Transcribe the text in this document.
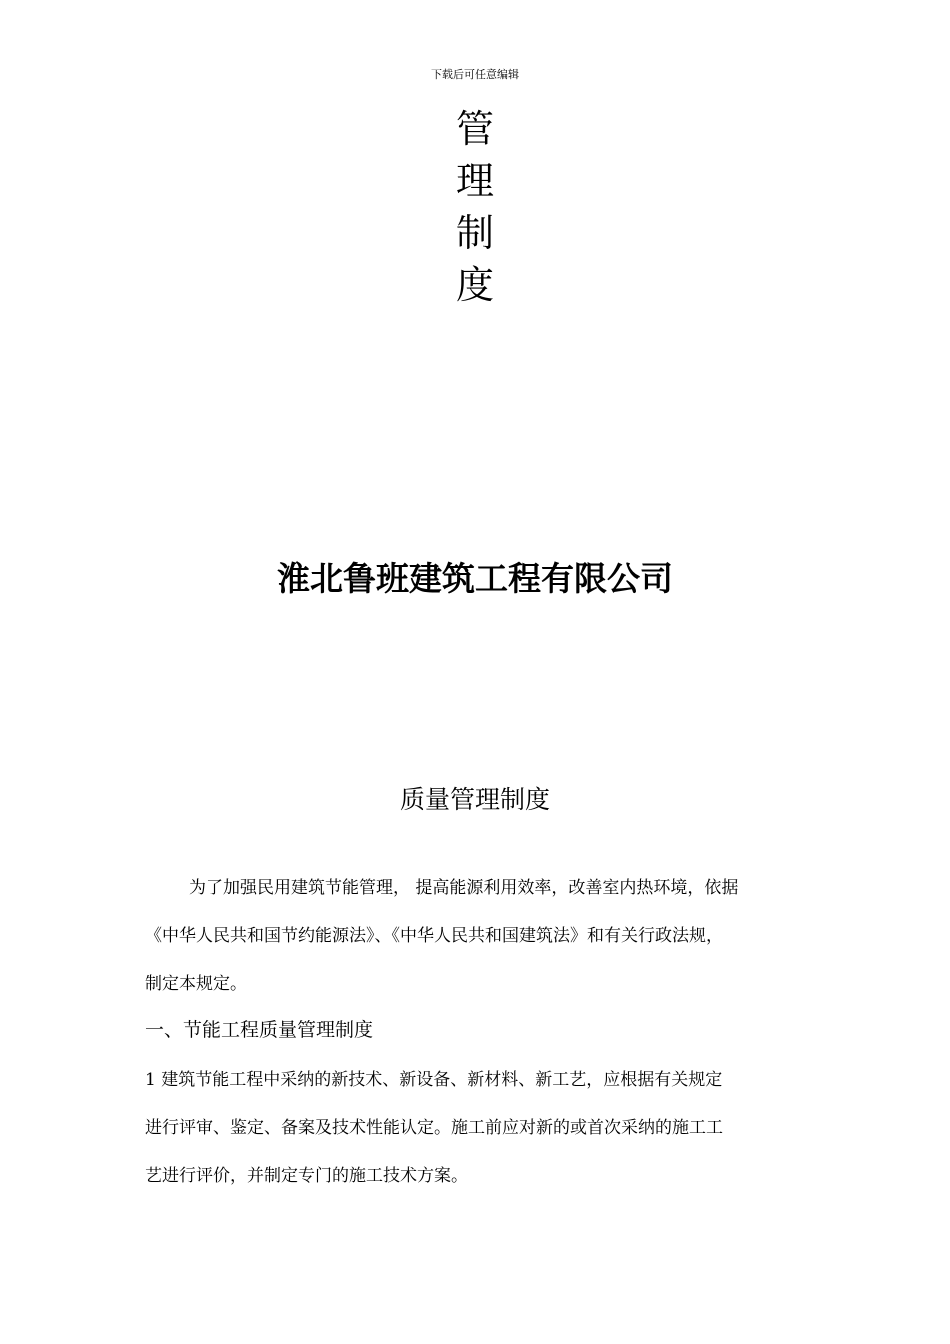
下载后可任意编辑
管
理
制
度
淮北鲁班建筑工程有限公司
质量管理制度
为了加强民用建筑节能管理， 提高能源利用效率，改善室内热环境，依据
《中华人民共和国节约能源法》、《中华人民共和国建筑法》和有关行政法规，
制定本规定。
一、节能工程质量管理制度
1 建筑节能工程中采纳的新技术、新设备、新材料、新工艺，应根据有关规定
进行评审、鉴定、备案及技术性能认定。施工前应对新的或首次采纳的施工工
艺进行评价，并制定专门的施工技术方案。
